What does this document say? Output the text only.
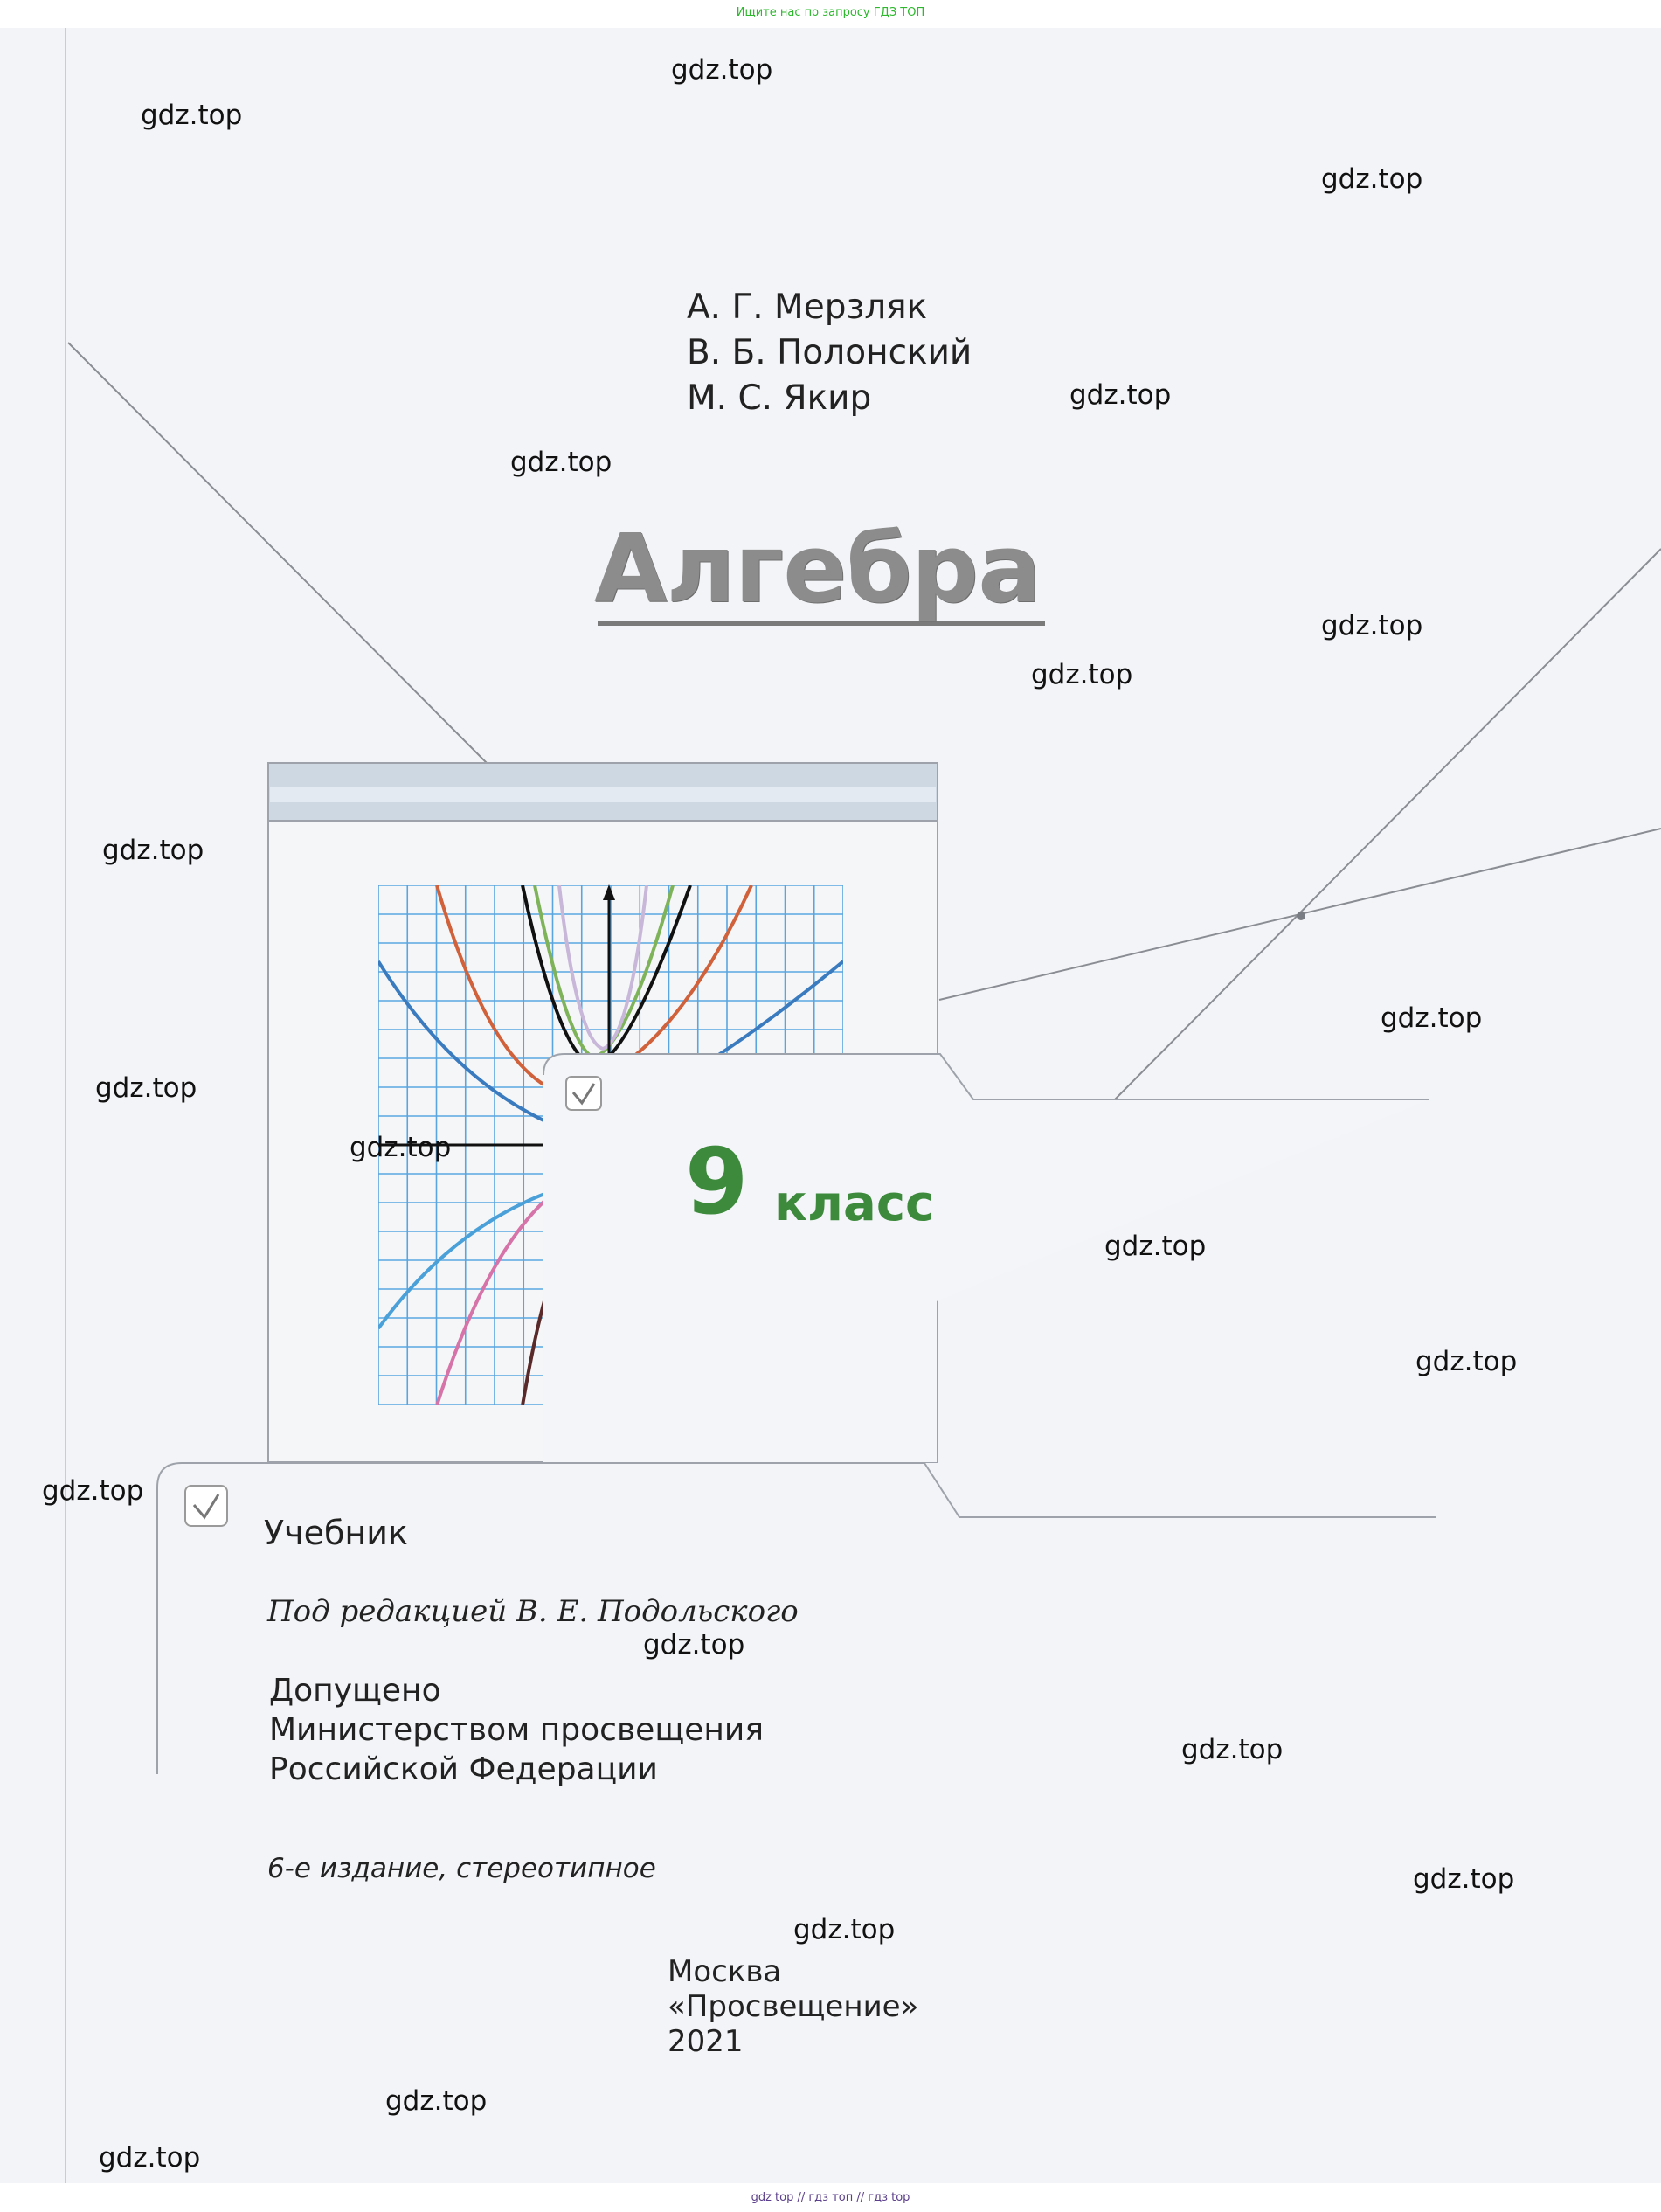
Ищите нас по запросу ГДЗ ТОП
А. Г. Мерзляк
В. Б. Полонский
М. С. Якир
Алгебра
9 класс
Учебник
Под редакцией В. Е. Подольского
Допущено
Министерством просвещения
Российской Федерации
6-е издание, стереотипное
Москва
«Просвещение»
2021
gdz.top
gdz.top
gdz.top
gdz.top
gdz.top
gdz.top
gdz.top
gdz.top
gdz.top
gdz.top
gdz.top
gdz.top
gdz.top
gdz.top
gdz.top
gdz.top
gdz.top
gdz.top
gdz.top
gdz.top
gdz top // гдз топ // гдз top
